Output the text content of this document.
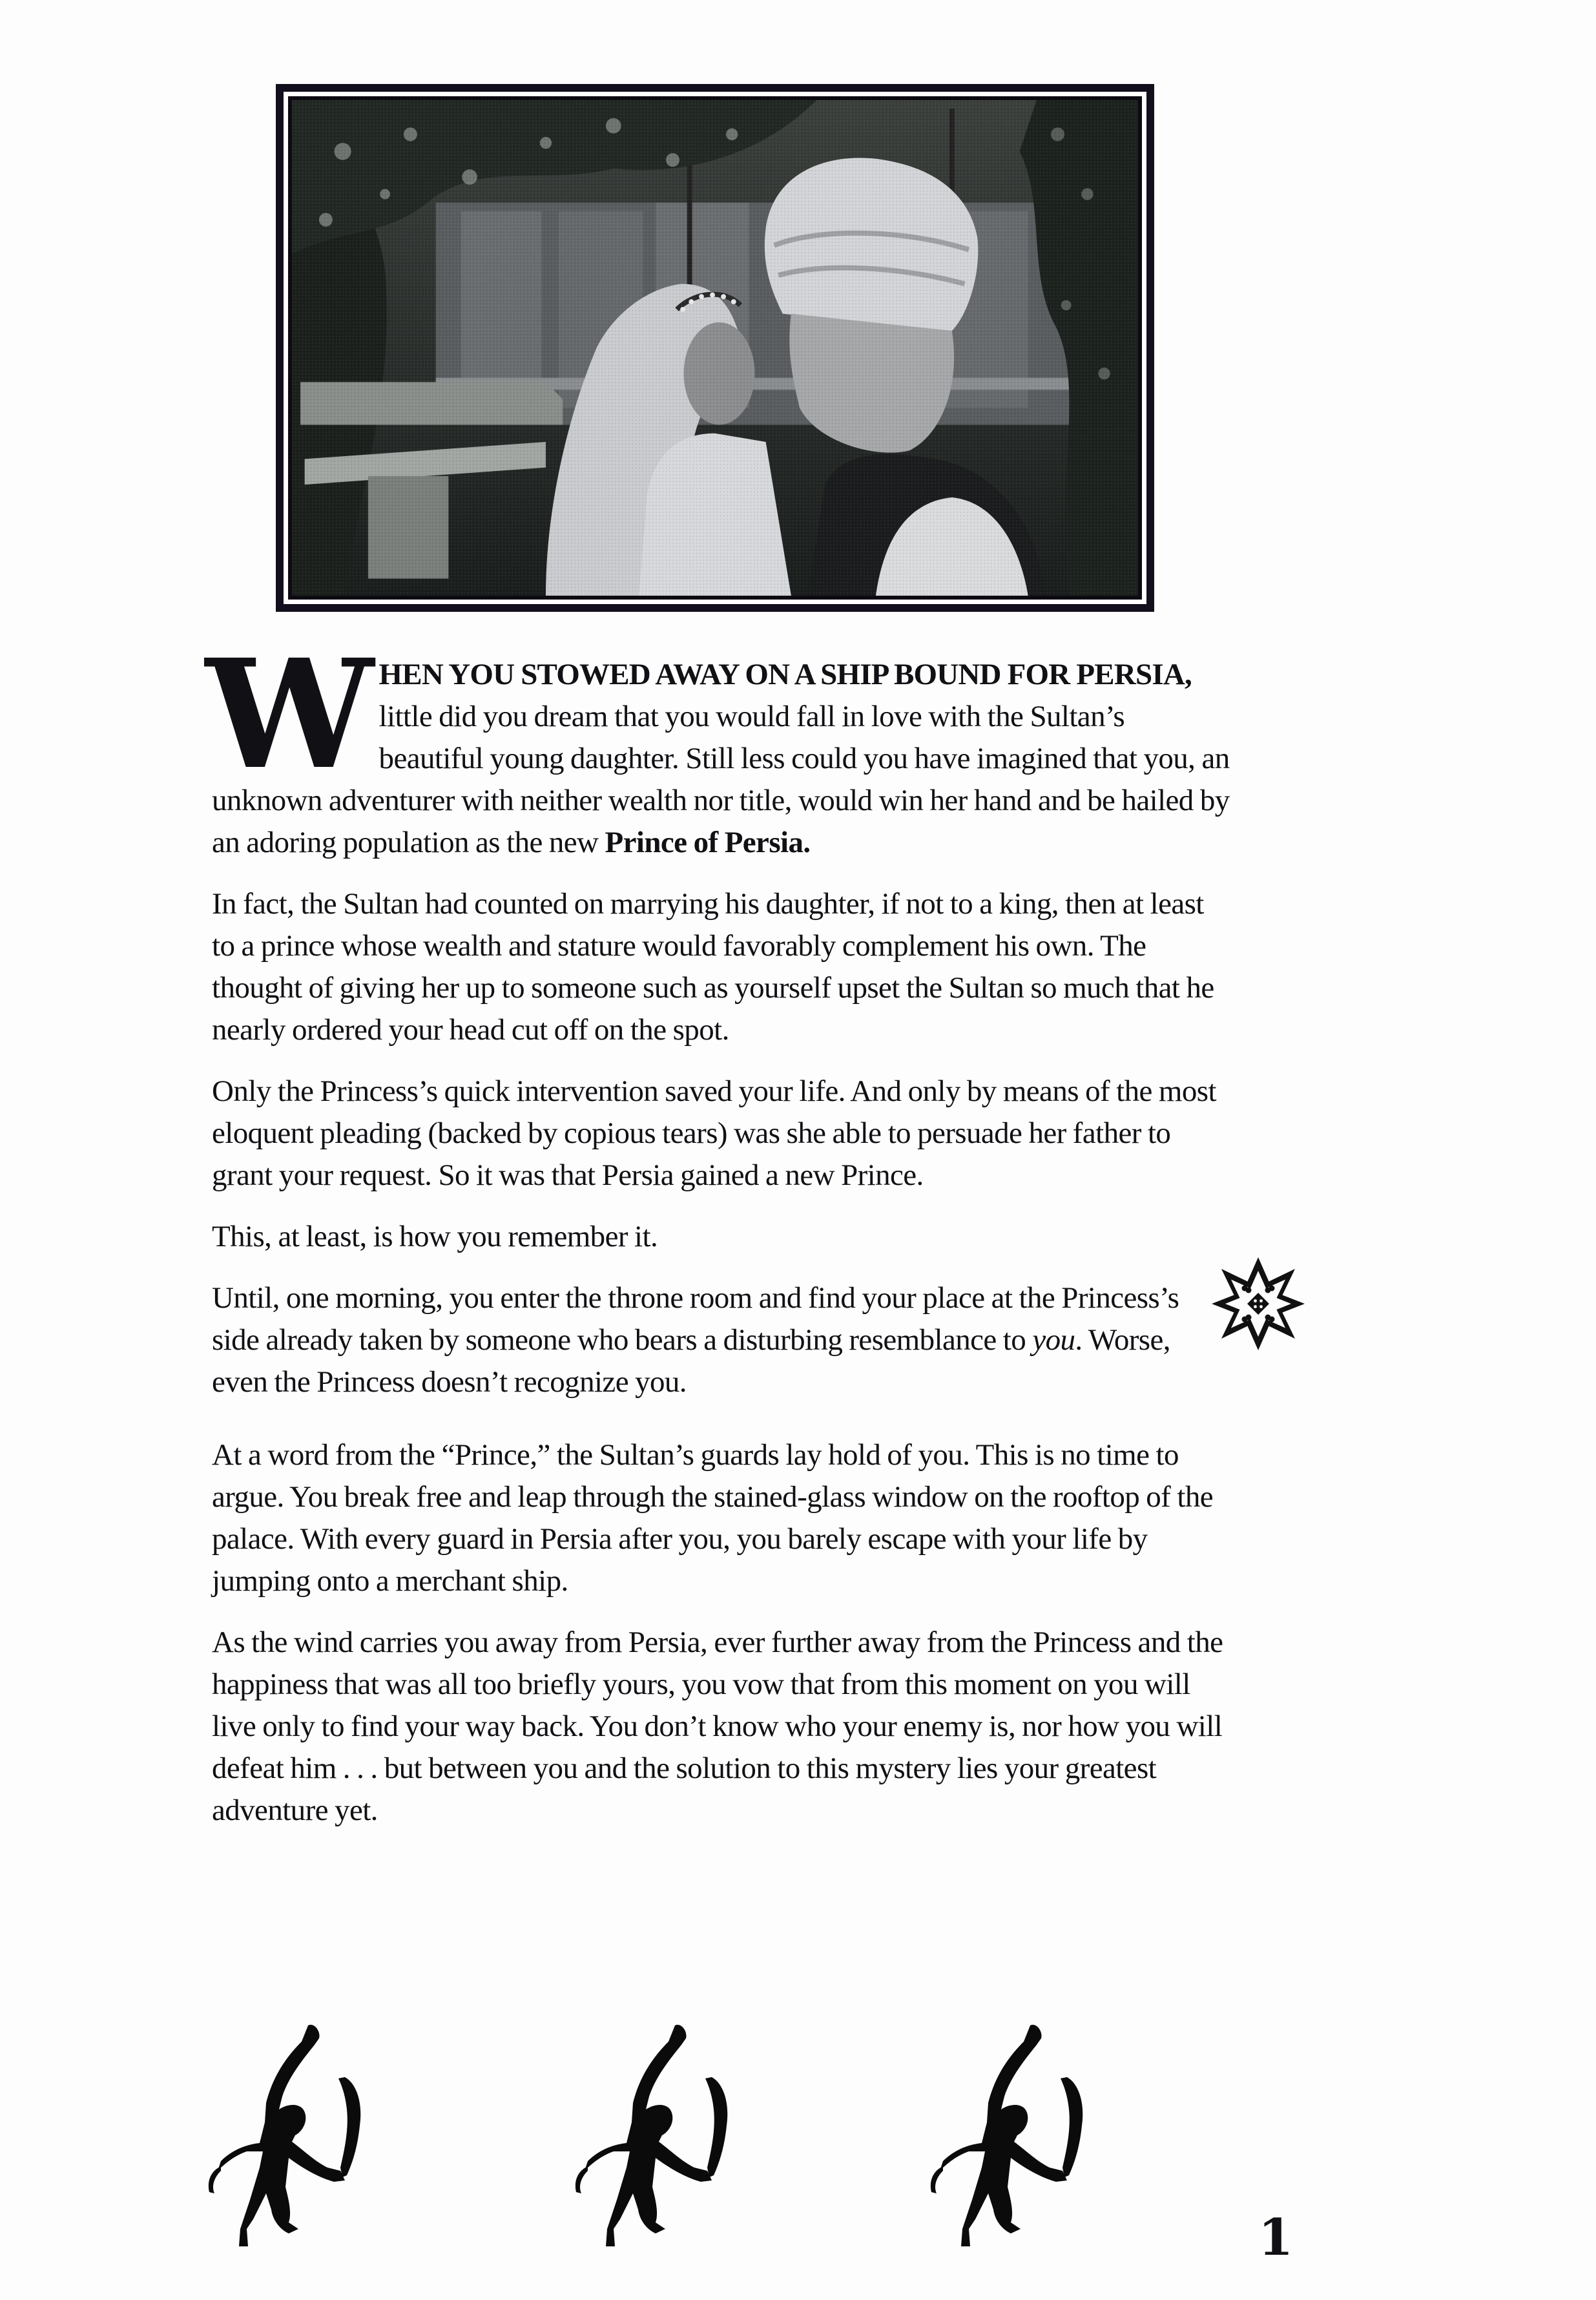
WHEN YOU STOWED AWAY ON A SHIP BOUND FOR PERSIA, little did you dream that you would fall in love with the Sultan’s beautiful young daughter. Still less could you have imagined that you, an unknown adventurer with neither wealth nor title, would win her hand and be hailed by an adoring population as the new Prince of Persia.

In fact, the Sultan had counted on marrying his daughter, if not to a king, then at least to a prince whose wealth and stature would favorably complement his own. The thought of giving her up to someone such as yourself upset the Sultan so much that he nearly ordered your head cut off on the spot.

Only the Princess’s quick intervention saved your life. And only by means of the most eloquent pleading (backed by copious tears) was she able to persuade her father to grant your request. So it was that Persia gained a new Prince.

This, at least, is how you remember it.

Until, one morning, you enter the throne room and find your place at the Princess’s side already taken by someone who bears a disturbing resemblance to you. Worse, even the Princess doesn’t recognize you.

At a word from the “Prince,” the Sultan’s guards lay hold of you. This is no time to argue. You break free and leap through the stained-glass window on the rooftop of the palace. With every guard in Persia after you, you barely escape with your life by jumping onto a merchant ship.

As the wind carries you away from Persia, ever further away from the Princess and the happiness that was all too briefly yours, you vow that from this moment on you will live only to find your way back. You don’t know who your enemy is, nor how you will defeat him . . . but between you and the solution to this mystery lies your greatest adventure yet.

1
